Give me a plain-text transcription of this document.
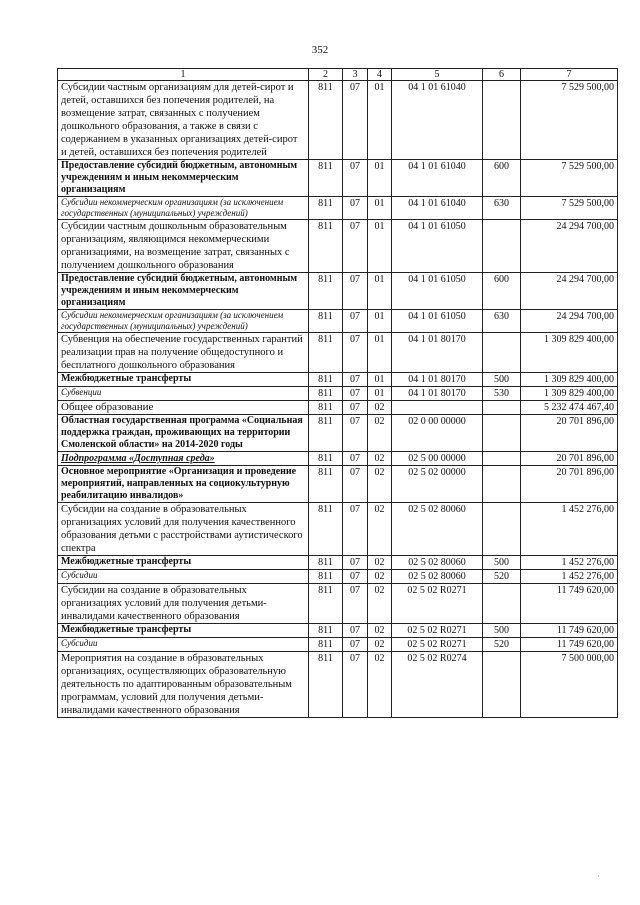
352
1	2	3	4	5	6	7
Субсидии частным организациям для детей-сирот и детей, оставшихся без попечения родителей, на возмещение затрат, связанных с получением дошкольного образования, а также в связи с содержанием в указанных организациях детей-сирот и детей, оставшихся без попечения родителей	811	07	01	04 1 01 61040		7 529 500,00
Предоставление субсидий бюджетным, автономным учреждениям и иным некоммерческим организациям	811	07	01	04 1 01 61040	600	7 529 500,00
Субсидии некоммерческим организациям (за исключением государственных (муниципальных) учреждений)	811	07	01	04 1 01 61040	630	7 529 500,00
Субсидии частным дошкольным образовательным организациям, являющимся некоммерческими организациями, на возмещение затрат, связанных с получением дошкольного образования	811	07	01	04 1 01 61050		24 294 700,00
Предоставление субсидий бюджетным, автономным учреждениям и иным некоммерческим организациям	811	07	01	04 1 01 61050	600	24 294 700,00
Субсидии некоммерческим организациям (за исключением государственных (муниципальных) учреждений)	811	07	01	04 1 01 61050	630	24 294 700,00
Субвенция на обеспечение государственных гарантий реализации прав на получение общедоступного и бесплатного дошкольного образования	811	07	01	04 1 01 80170		1 309 829 400,00
Межбюджетные трансферты	811	07	01	04 1 01 80170	500	1 309 829 400,00
Субвенции	811	07	01	04 1 01 80170	530	1 309 829 400,00
Общее образование	811	07	02			5 232 474 467,40
Областная государственная программа «Социальная поддержка граждан, проживающих на территории Смоленской области» на 2014-2020 годы	811	07	02	02 0 00 00000		20 701 896,00
Подпрограмма «Доступная среда»	811	07	02	02 5 00 00000		20 701 896,00
Основное мероприятие «Организация и проведение мероприятий, направленных на социокультурную реабилитацию инвалидов»	811	07	02	02 5 02 00000		20 701 896,00
Субсидии на создание в образовательных организациях условий для получения качественного образования детьми с расстройствами аутистического спектра	811	07	02	02 5 02 80060		1 452 276,00
Межбюджетные трансферты	811	07	02	02 5 02 80060	500	1 452 276,00
Субсидии	811	07	02	02 5 02 80060	520	1 452 276,00
Субсидии на создание в образовательных организациях условий для получения детьми-инвалидами качественного образования	811	07	02	02 5 02 R0271		11 749 620,00
Межбюджетные трансферты	811	07	02	02 5 02 R0271	500	11 749 620,00
Субсидии	811	07	02	02 5 02 R0271	520	11 749 620,00
Мероприятия на создание в образовательных организациях, осуществляющих образовательную деятельность по адаптированным образовательным программам, условий для получения детьми-инвалидами качественного образования	811	07	02	02 5 02 R0274		7 500 000,00
·
